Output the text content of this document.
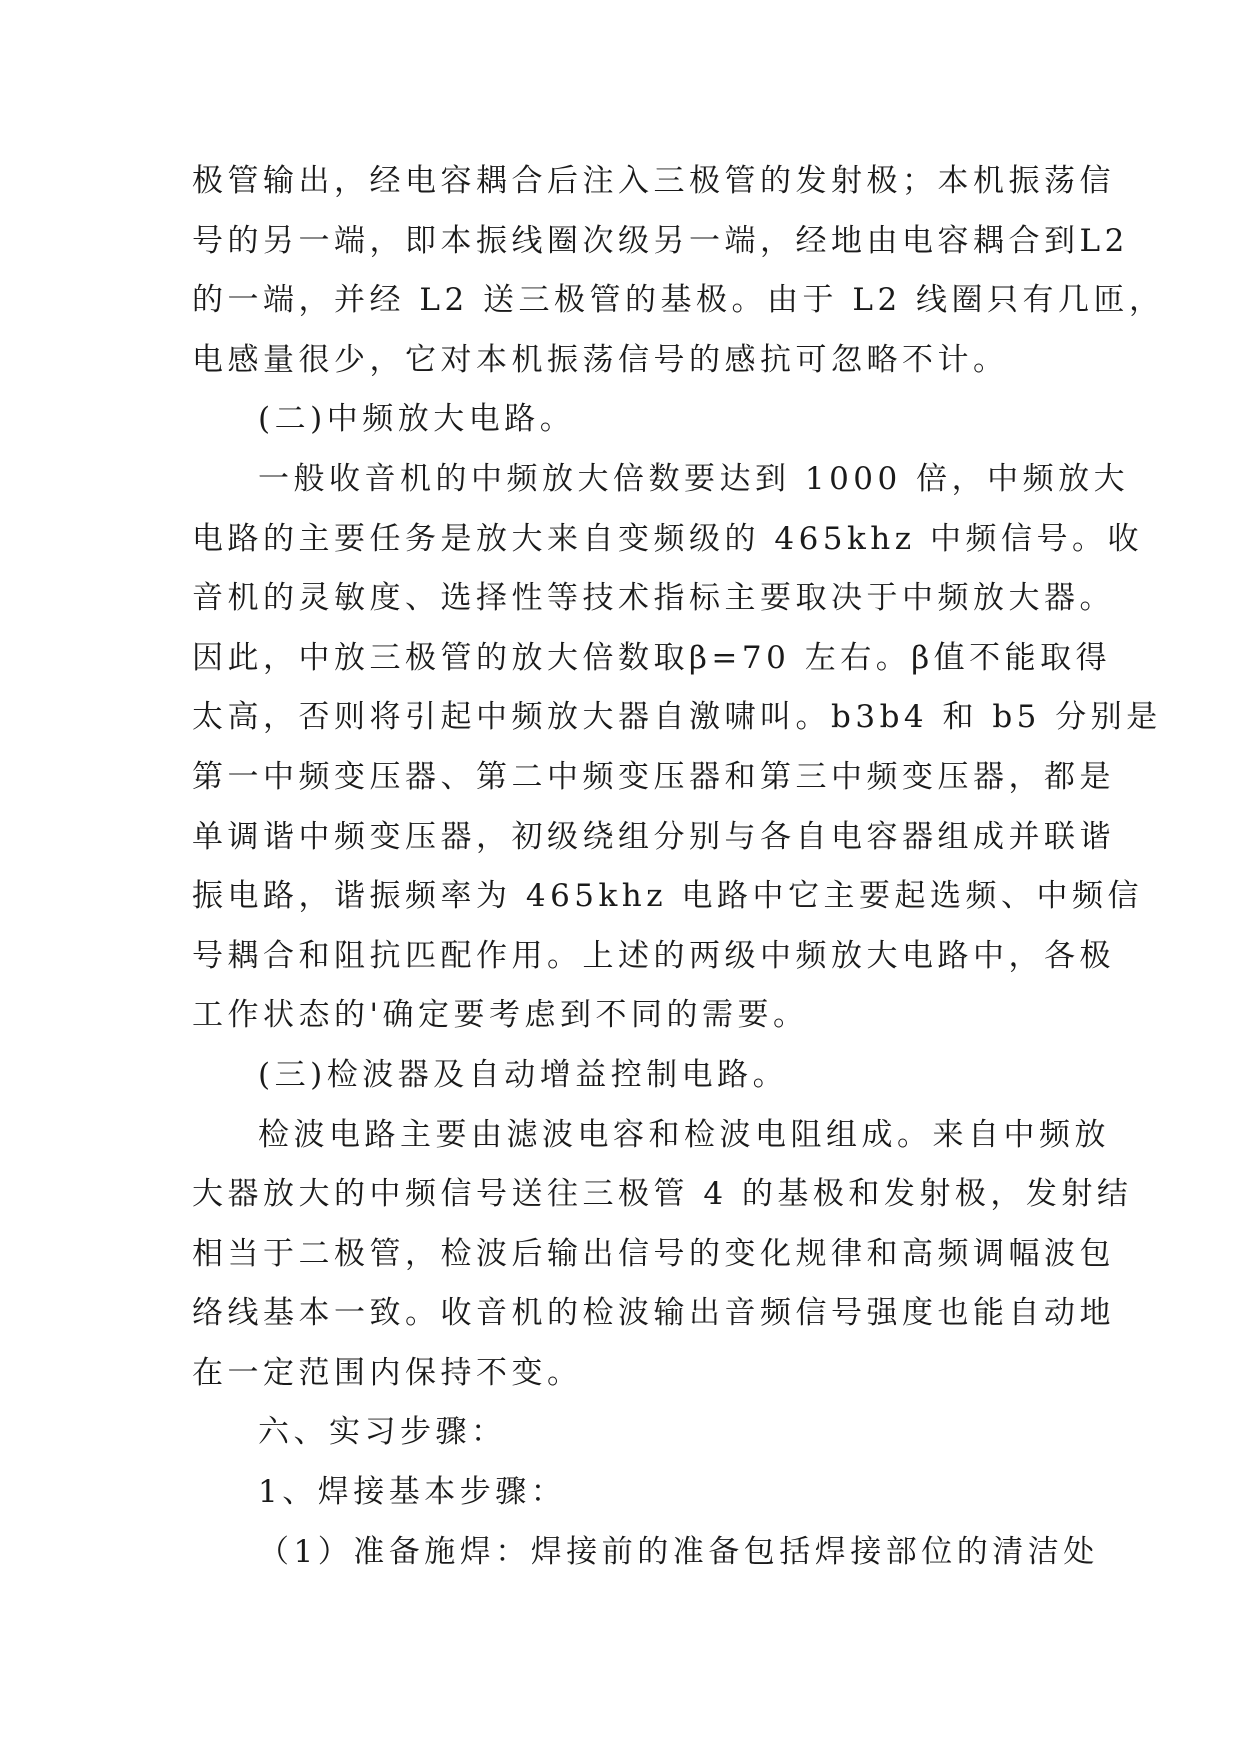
极管输出，经电容耦合后注入三极管的发射极；本机振荡信
号的另一端，即本振线圈次级另一端，经地由电容耦合到L2
的一端，并经 L2 送三极管的基极。由于 L2 线圈只有几匝，
电感量很少，它对本机振荡信号的感抗可忽略不计。
(二)中频放大电路。
一般收音机的中频放大倍数要达到 1000 倍，中频放大
电路的主要任务是放大来自变频级的 465khz 中频信号。收
音机的灵敏度、选择性等技术指标主要取决于中频放大器。
因此，中放三极管的放大倍数取β=70 左右。β值不能取得
太高，否则将引起中频放大器自激啸叫。b3b4 和 b5 分别是
第一中频变压器、第二中频变压器和第三中频变压器，都是
单调谐中频变压器，初级绕组分别与各自电容器组成并联谐
振电路，谐振频率为 465khz 电路中它主要起选频、中频信
号耦合和阻抗匹配作用。上述的两级中频放大电路中，各极
工作状态的'确定要考虑到不同的需要。
(三)检波器及自动增益控制电路。
检波电路主要由滤波电容和检波电阻组成。来自中频放
大器放大的中频信号送往三极管 4 的基极和发射极，发射结
相当于二极管，检波后输出信号的变化规律和高频调幅波包
络线基本一致。收音机的检波输出音频信号强度也能自动地
在一定范围内保持不变。
六、实习步骤：
1、焊接基本步骤：
（1）准备施焊：焊接前的准备包括焊接部位的清洁处
